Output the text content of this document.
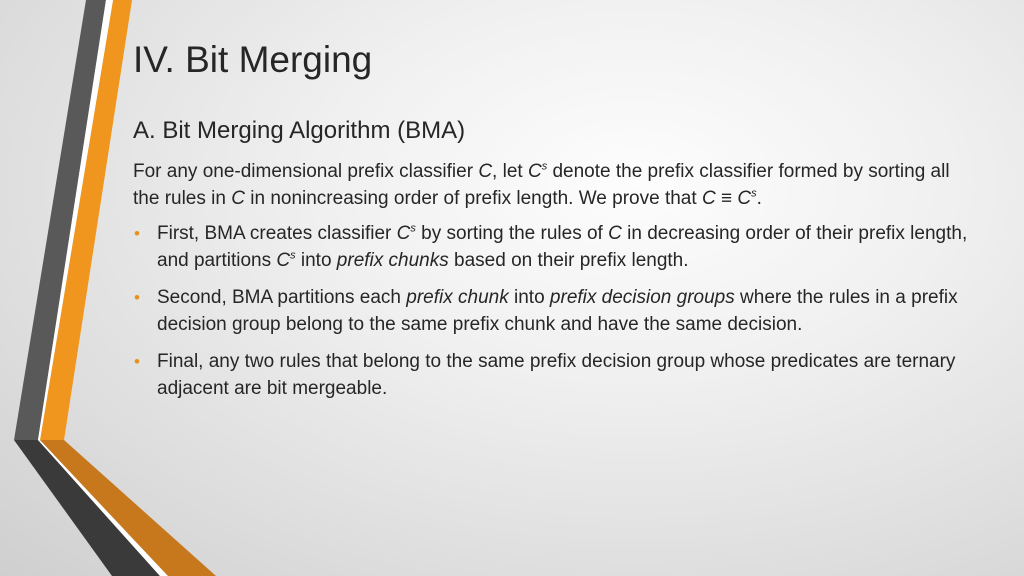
IV. Bit Merging
A. Bit Merging Algorithm (BMA)

For any one-dimensional prefix classifier C, let $C^s$ denote the prefix classifier formed by sorting all the rules in C in nonincreasing order of prefix length. We prove that $C \equiv C^s$.

• First, BMA creates classifier $C^s$ by sorting the rules of C in decreasing order of their prefix length, and partitions $C^s$ into prefix chunks based on their prefix length.
• Second, BMA partitions each prefix chunk into prefix decision groups where the rules in a prefix decision group belong to the same prefix chunk and have the same decision.
• Final, any two rules that belong to the same prefix decision group whose predicates are ternary adjacent are bit mergeable.
